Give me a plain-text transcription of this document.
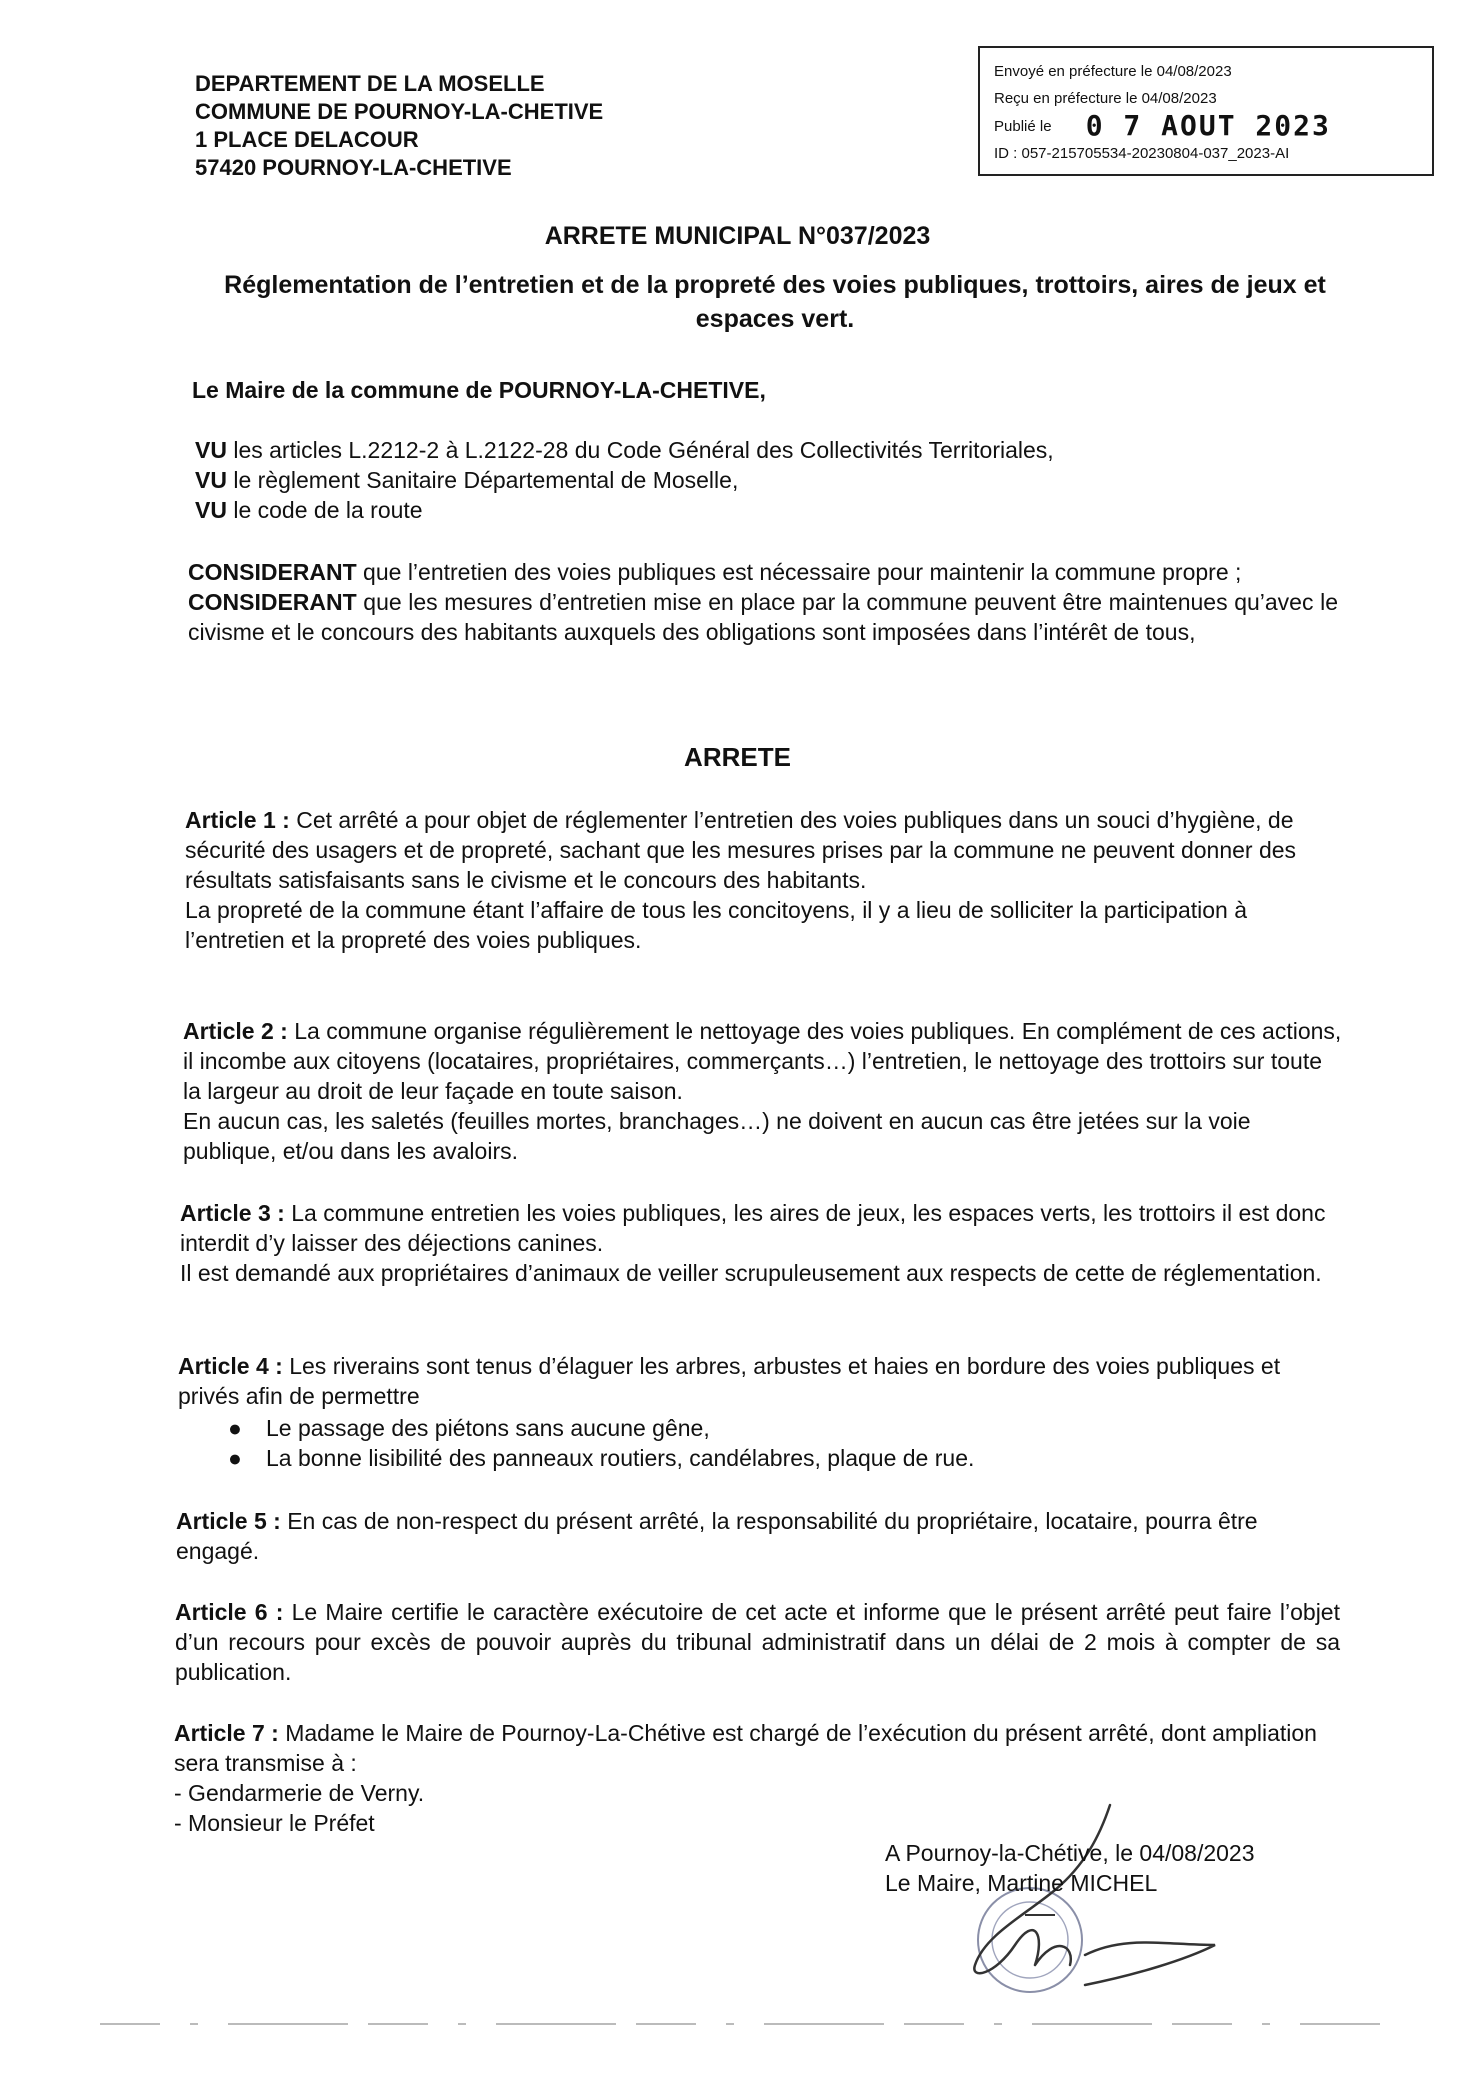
DEPARTEMENT DE LA MOSELLE
COMMUNE DE POURNOY-LA-CHETIVE
1 PLACE DELACOUR
57420 POURNOY-LA-CHETIVE
Envoyé en préfecture le 04/08/2023
Reçu en préfecture le 04/08/2023
Publié le 0 7 AOUT 2023
ID : 057-215705534-20230804-037_2023-AI
ARRETE MUNICIPAL N°037/2023
Réglementation de l’entretien et de la propreté des voies publiques, trottoirs, aires de jeux et espaces vert.
Le Maire de la commune de POURNOY-LA-CHETIVE,
VU les articles L.2212-2 à L.2122-28 du Code Général des Collectivités Territoriales,
VU le règlement Sanitaire Départemental de Moselle,
VU le code de la route
CONSIDERANT que l’entretien des voies publiques est nécessaire pour maintenir la commune propre ;
CONSIDERANT que les mesures d’entretien mise en place par la commune peuvent être maintenues qu’avec le civisme et le concours des habitants auxquels des obligations sont imposées dans l’intérêt de tous,
ARRETE
Article 1 : Cet arrêté a pour objet de réglementer l’entretien des voies publiques dans un souci d’hygiène, de sécurité des usagers et de propreté, sachant que les mesures prises par la commune ne peuvent donner des résultats satisfaisants sans le civisme et le concours des habitants.
La propreté de la commune étant l’affaire de tous les concitoyens, il y a lieu de solliciter la participation à l’entretien et la propreté des voies publiques.
Article 2 : La commune organise régulièrement le nettoyage des voies publiques. En complément de ces actions, il incombe aux citoyens (locataires, propriétaires, commerçants…) l’entretien, le nettoyage des trottoirs sur toute la largeur au droit de leur façade en toute saison.
En aucun cas, les saletés (feuilles mortes, branchages…) ne doivent en aucun cas être jetées sur la voie publique, et/ou dans les avaloirs.
Article 3 : La commune entretien les voies publiques, les aires de jeux, les espaces verts, les trottoirs il est donc interdit d’y laisser des déjections canines.
Il est demandé aux propriétaires d’animaux de veiller scrupuleusement aux respects de cette de réglementation.
Article 4 : Les riverains sont tenus d’élaguer les arbres, arbustes et haies en bordure des voies publiques et privés afin de permettre
● Le passage des piétons sans aucune gêne,
● La bonne lisibilité des panneaux routiers, candélabres, plaque de rue.
Article 5 : En cas de non-respect du présent arrêté, la responsabilité du propriétaire, locataire, pourra être engagé.
Article 6 : Le Maire certifie le caractère exécutoire de cet acte et informe que le présent arrêté peut faire l’objet d’un recours pour excès de pouvoir auprès du tribunal administratif dans un délai de 2 mois à compter de sa publication.
Article 7 : Madame le Maire de Pournoy-La-Chétive est chargé de l’exécution du présent arrêté, dont ampliation sera transmise à :
- Gendarmerie de Verny.
- Monsieur le Préfet
A Pournoy-la-Chétive, le 04/08/2023
Le Maire, Martine MICHEL
